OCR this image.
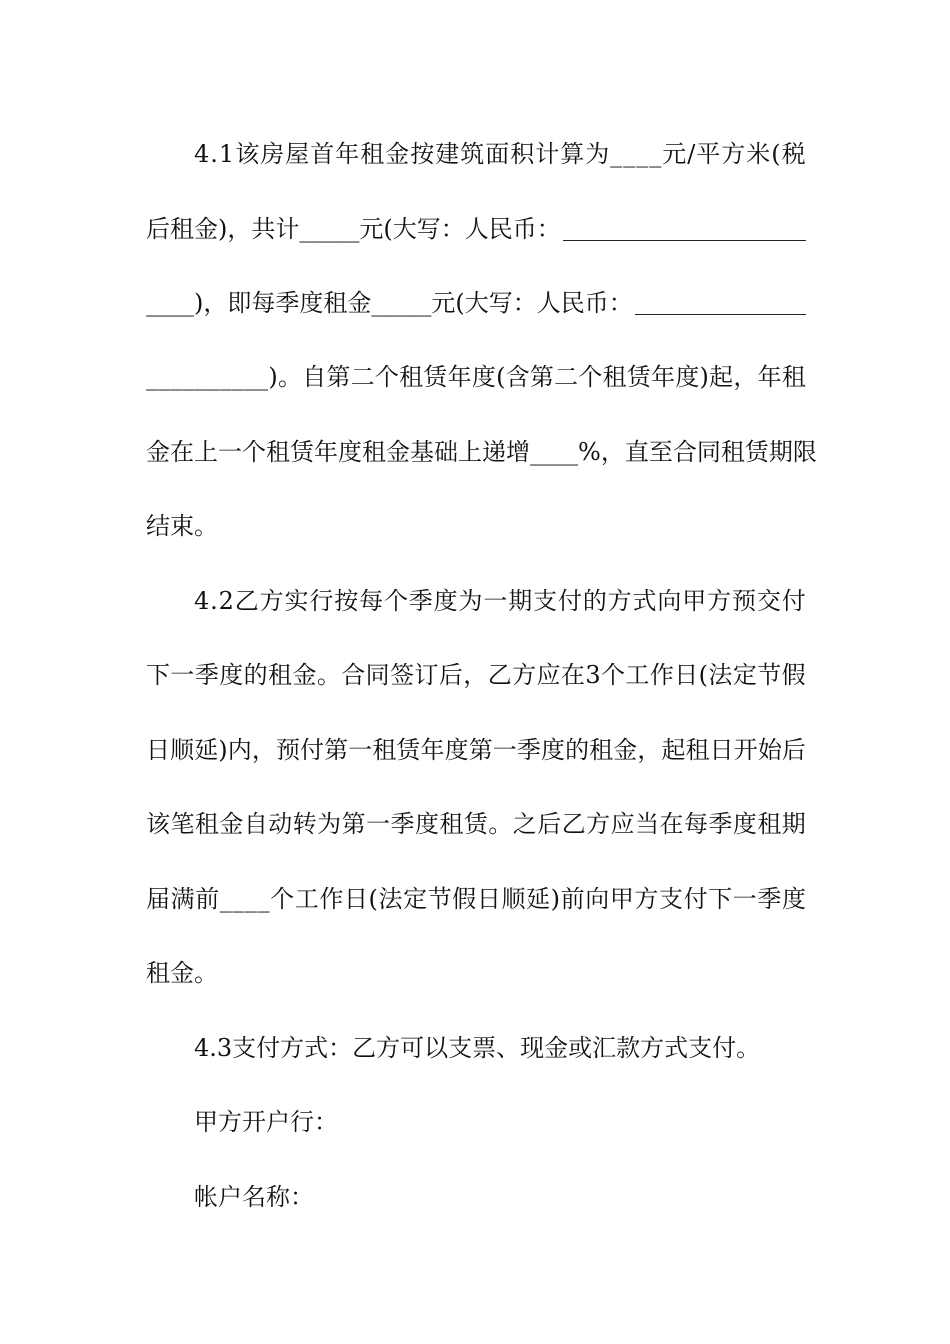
4 . 1 该 房 屋 首 年 租 金 按 建 筑 面 积 计 算 为 _ _ _ _ 元 / 平 方 米 ( 税
后租金)，共计_____元(大写：人民币：
____)，即每季度租金_____元(大写：人民币：
_ _ _ _ _ _ _ _ _ _ ) 。 自 第 二 个 租 赁 年 度 ( 含 第 二 个 租 赁 年 度 ) 起 ， 年 租
金 在 上 一 个 租 赁 年 度 租 金 基 础 上 递 增 _ _ _ _ % ， 直 至 合 同 租 赁 期 限
结束。
4 . 2 乙 方 实 行 按 每 个 季 度 为 一 期 支 付 的 方 式 向 甲 方 预 交 付
下 一 季 度 的 租 金 。 合 同 签 订 后 ， 乙 方 应 在 3 个 工 作 日 ( 法 定 节 假
日 顺 延 ) 内 ， 预 付 第 一 租 赁 年 度 第 一 季 度 的 租 金 ， 起 租 日 开 始 后
该 笔 租 金 自 动 转 为 第 一 季 度 租 赁 。 之 后 乙 方 应 当 在 每 季 度 租 期
届 满 前 _ _ _ _ 个 工 作 日 ( 法 定 节 假 日 顺 延 ) 前 向 甲 方 支 付 下 一 季 度
租金。
4.3支付方式：乙方可以支票、现金或汇款方式支付。
甲方开户行：
帐户名称：
